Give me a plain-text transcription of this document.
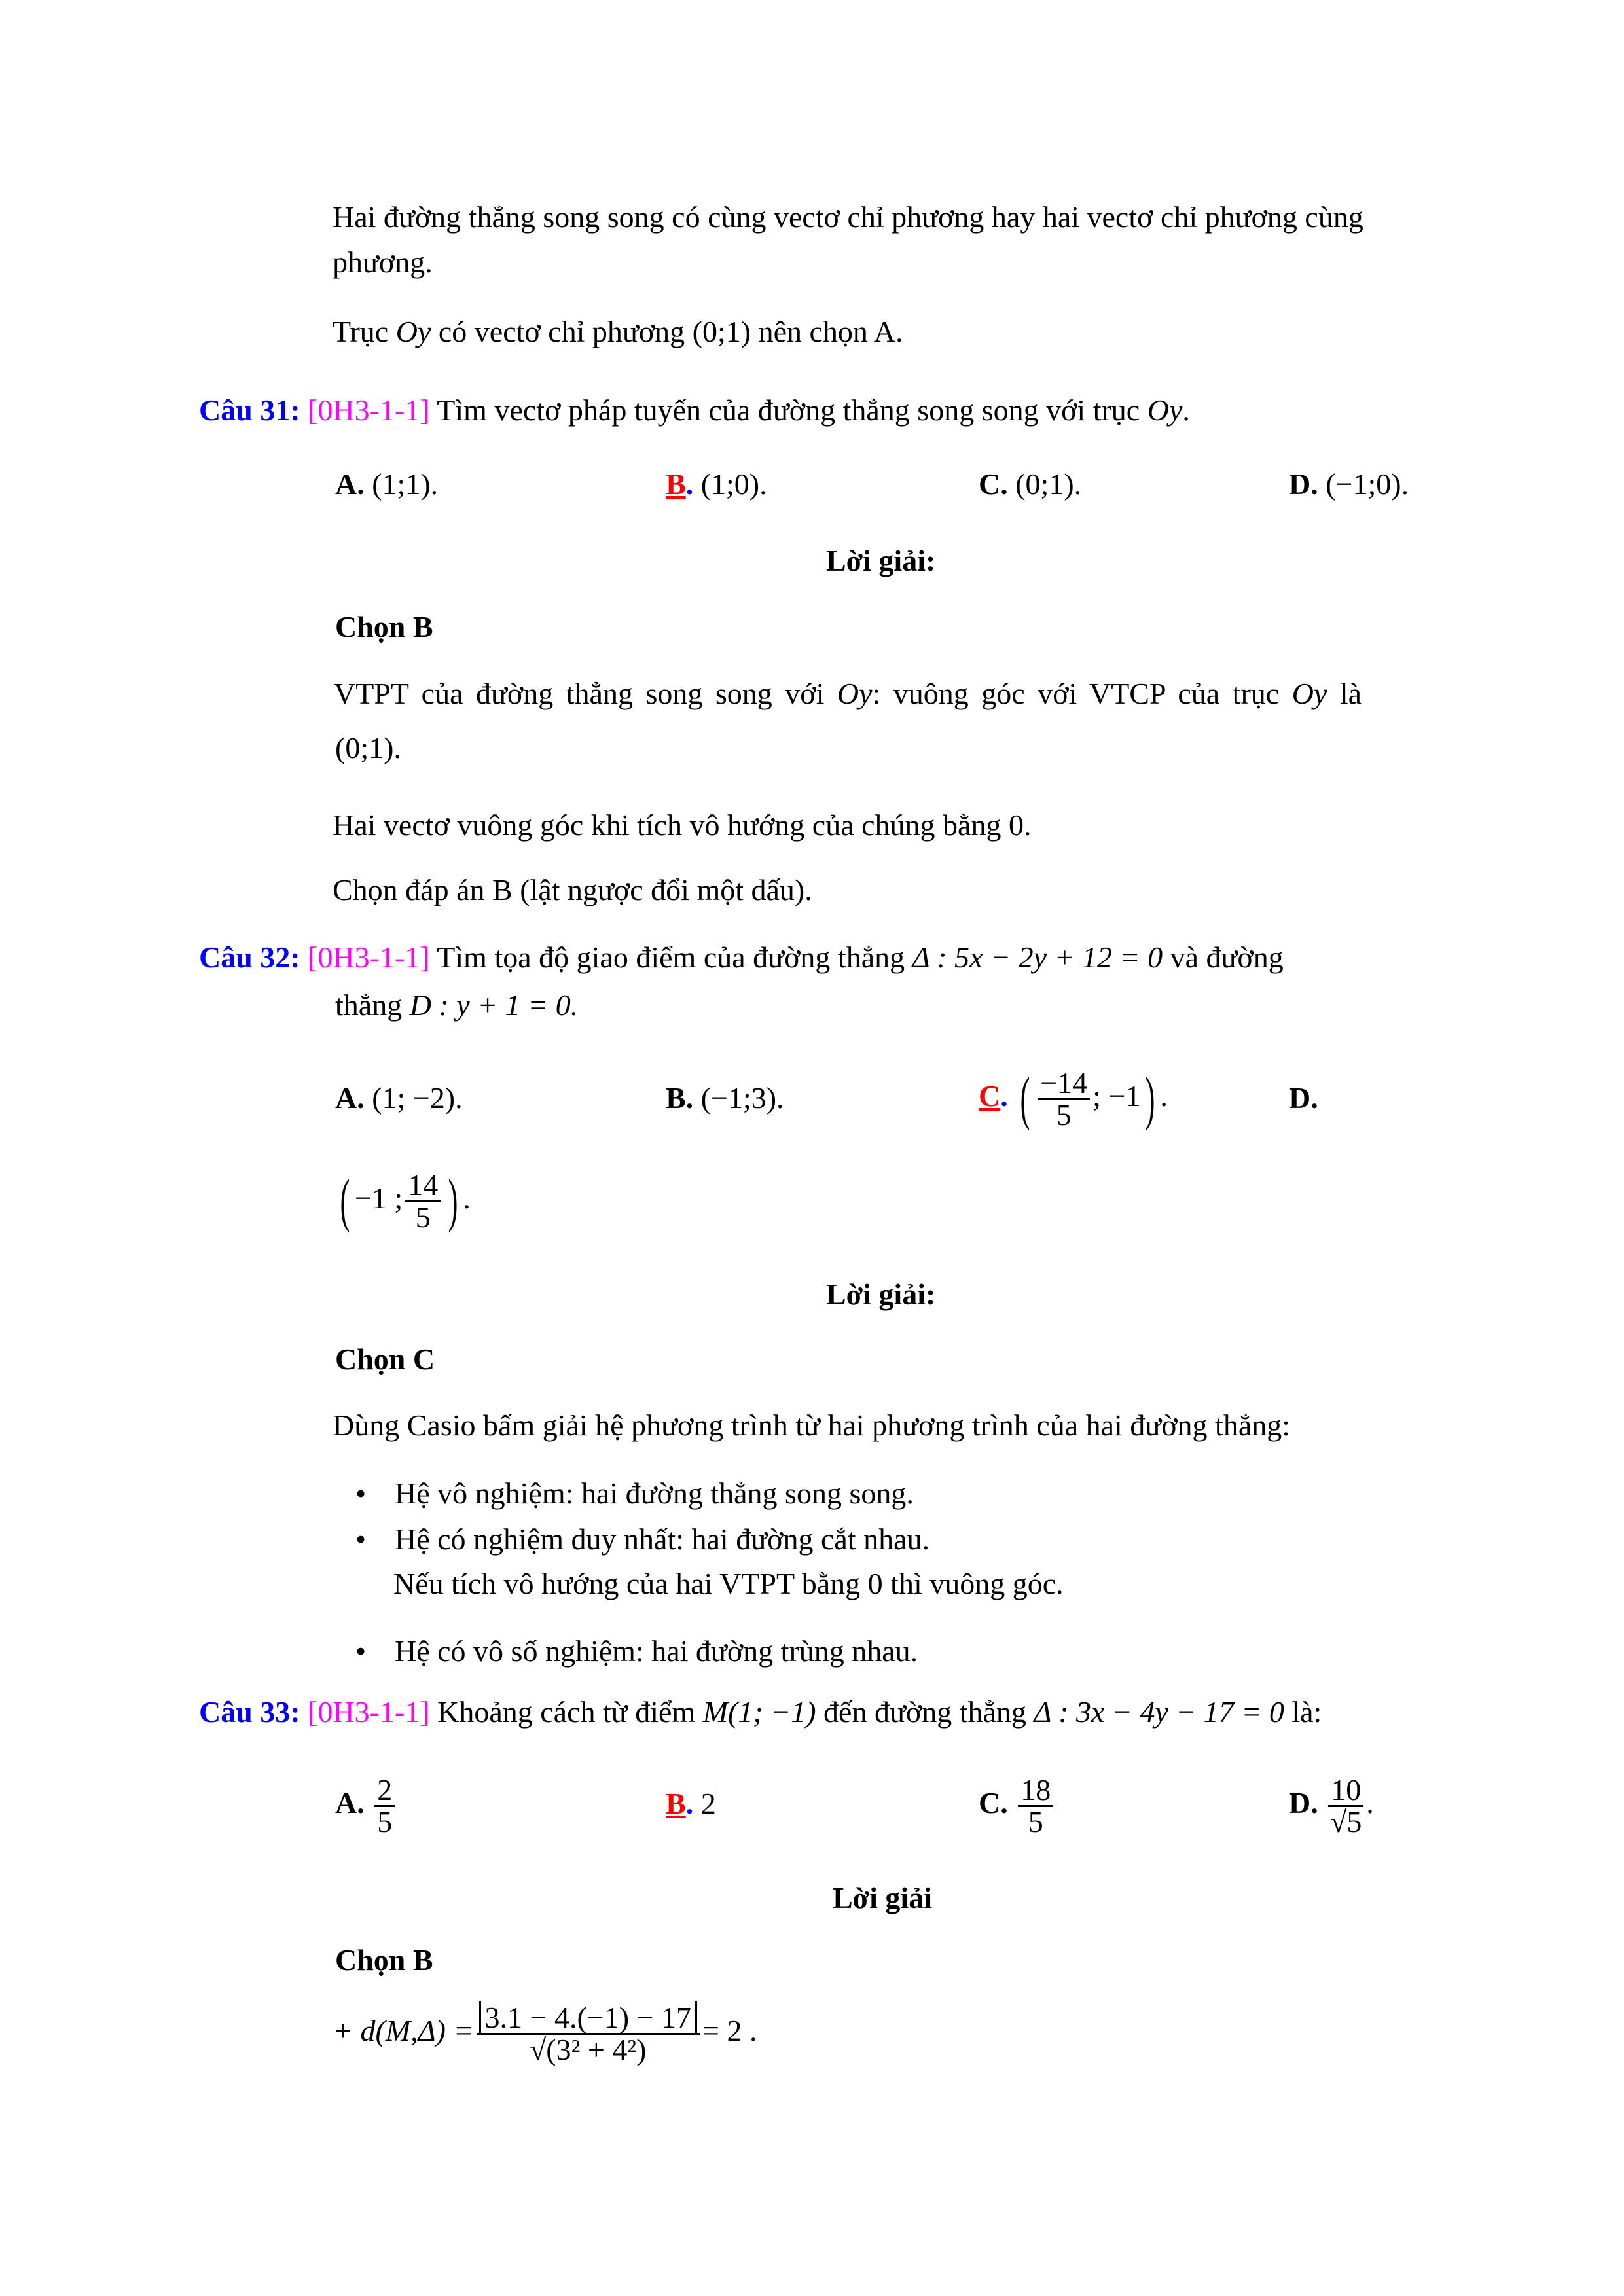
Hai đường thẳng song song có cùng vectơ chỉ phương hay hai vectơ chỉ phương cùng
phương.
Trục Oy có vectơ chỉ phương (0;1) nên chọn A.
Câu 31: [0H3-1-1] Tìm vectơ pháp tuyến của đường thẳng song song với trục Oy.
A. (1;1).	B. (1;0).	C. (0;1).	D. (−1;0).
Lời giải:
Chọn B
VTPT của đường thẳng song song với Oy: vuông góc với VTCP của trục Oy là
(0;1).
Hai vectơ vuông góc khi tích vô hướng của chúng bằng 0.
Chọn đáp án B (lật ngược đổi một dấu).
Câu 32: [0H3-1-1] Tìm tọa độ giao điểm của đường thẳng Δ : 5x − 2y + 12 = 0 và đường
thẳng D : y + 1 = 0.
A. (1; −2).	B. (−1;3).	C. ( $\frac{-14}{5}$ ; −1) .	D.
( −1 ; $\frac{14}{5}$ ) .
Lời giải:
Chọn C
Dùng Casio bấm giải hệ phương trình từ hai phương trình của hai đường thẳng:
• Hệ vô nghiệm: hai đường thẳng song song.
• Hệ có nghiệm duy nhất: hai đường cắt nhau.
Nếu tích vô hướng của hai VTPT bằng 0 thì vuông góc.
• Hệ có vô số nghiệm: hai đường trùng nhau.
Câu 33: [0H3-1-1] Khoảng cách từ điểm M(1; −1) đến đường thẳng Δ : 3x − 4y − 17 = 0 là:
A. $\frac{2}{5}$	B. 2	C. $\frac{18}{5}$	D. $\frac{10}{√5}$ .
Lời giải
Chọn B
+ $d(M,\Delta) = \frac{3.1 - 4.(-1) - 17}{\text{√(3² + 4²)}} = 2$ .
